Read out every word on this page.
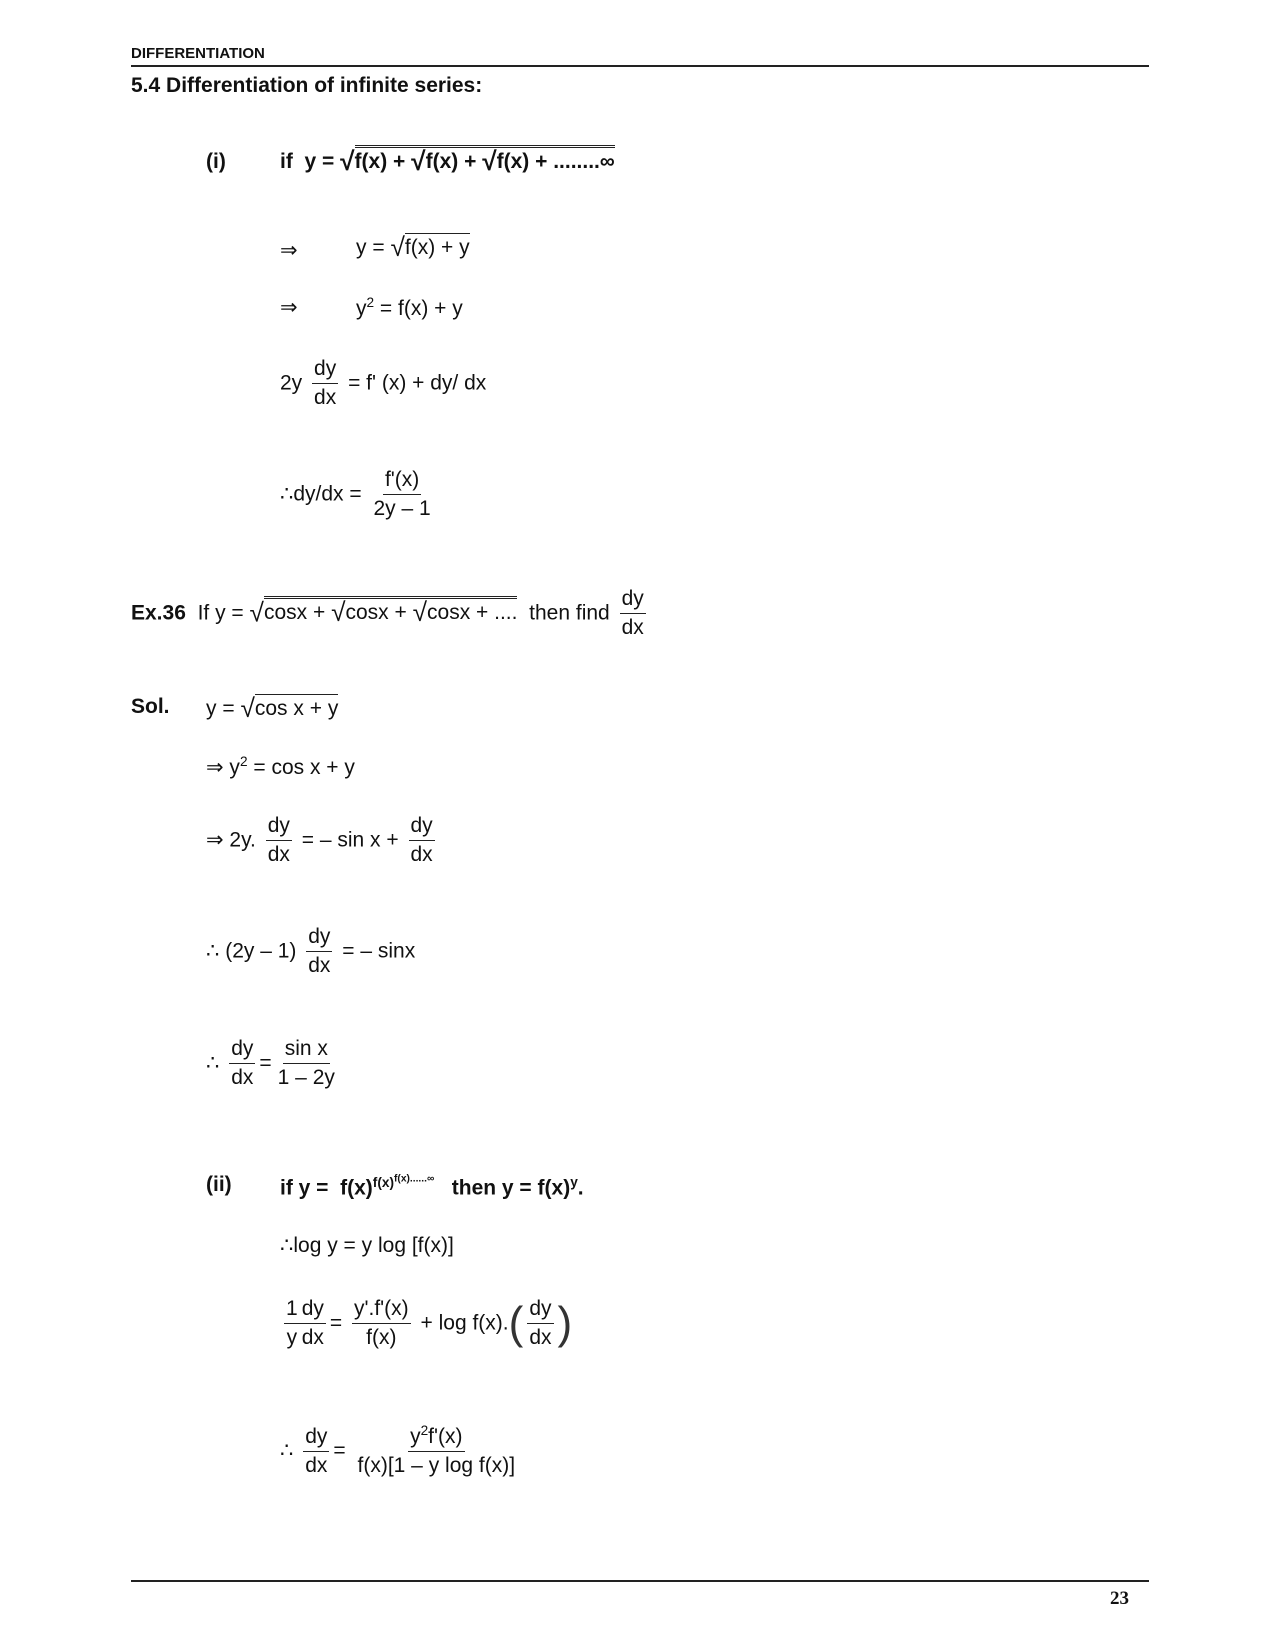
DIFFERENTIATION
5.4 Differentiation of infinite series:
(i)	if y = √f(x) + √f(x) + √f(x) + ........∞
⇒	y = √f(x) + y
⇒	$y^2 = f(x) + y$
$2y \frac{dy}{dx} = f'$ (x) + dy/ dx
∴dy/dx = $\frac{f'(x)}{2y - 1}$
Ex.36 If y = √cosx + √cosx + √cosx + .... then find $\frac{dy}{dx}$
Sol. y = √cos x + y
⇒ $y^2 = \cos x + y$
⇒ 2y. $\frac{dy}{dx}$ = – $\sin x + \frac{dy}{dx}$
∴ $(2y - 1) \frac{dy}{dx}$ = – sinx
∴ $\frac{dy}{dx} = \frac{\text{sin x}}{1 - 2y}$
(ii) if $y = f(x)^{f(x)^{f(x)......\infty}}$ then $y = f(x)^y$.
∴log y = y log [f(x)]
$\frac{1}{y} \frac{dy}{dx} = \frac{y'.f'(x)}{f(x)} + \log f(x).( \frac{dy}{dx}$ )
∴ $\frac{dy}{dx} = \frac{y^2f'(x)}{\text{f(x)[1 – y log f(x)]}}$
23
